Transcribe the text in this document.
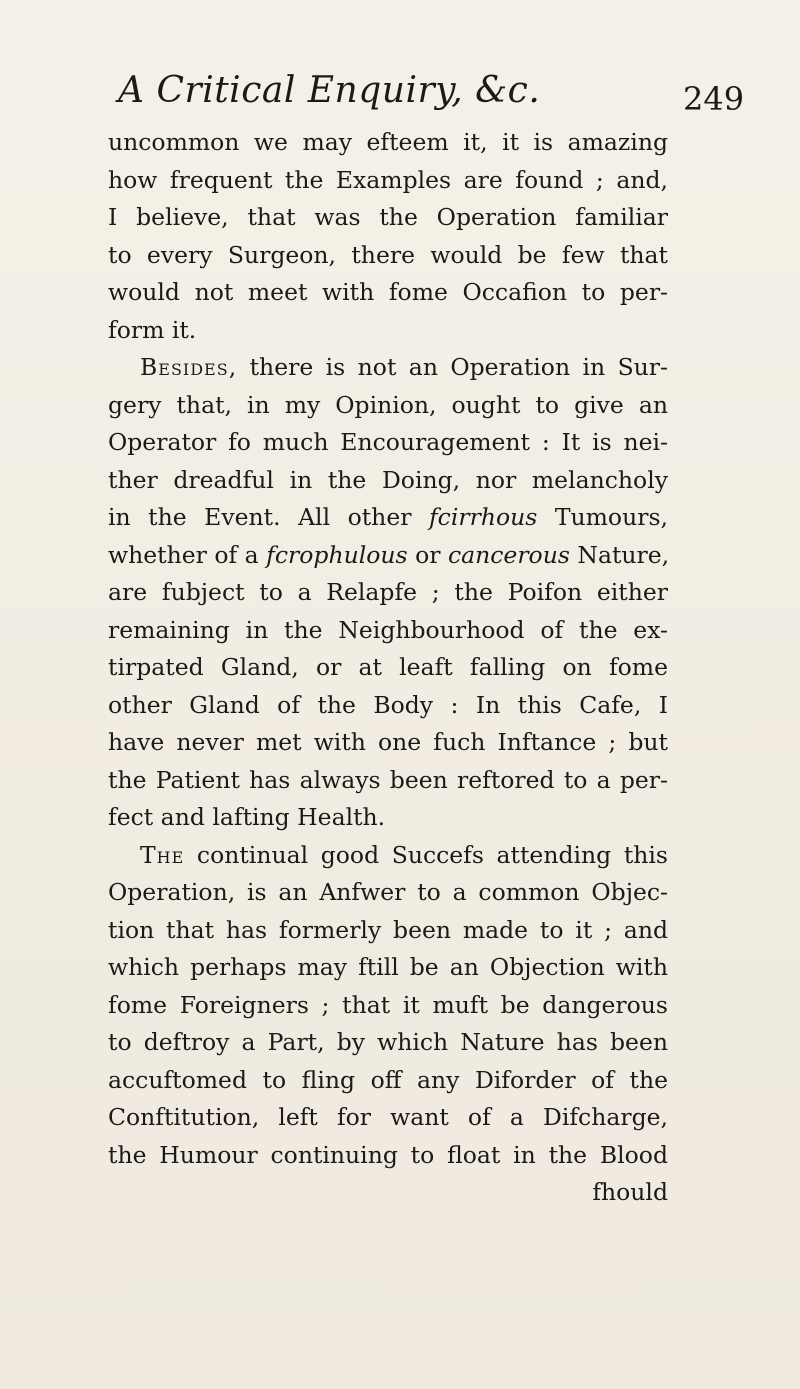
A Critical Enquiry, &c.	249
uncommon we may efteem it, it is amazing
how frequent the Examples are found ; and,
I believe, that was the Operation familiar
to every Surgeon, there would be few that
would not meet with fome Occafion to per-
form it.
Besides, there is not an Operation in Sur-
gery that, in my Opinion, ought to give an
Operator fo much Encouragement : It is nei-
ther dreadful in the Doing, nor melancholy
in the Event. All other fcirrhous Tumours,
whether of a fcrophulous or cancerous Nature,
are fubject to a Relapfe ; the Poifon either
remaining in the Neighbourhood of the ex-
tirpated Gland, or at leaft falling on fome
other Gland of the Body : In this Cafe, I
have never met with one fuch Inftance ; but
the Patient has always been reftored to a per-
fect and lafting Health.
The continual good Succefs attending this
Operation, is an Anfwer to a common Objec-
tion that has formerly been made to it ; and
which perhaps may ftill be an Objection with
fome Foreigners ; that it muft be dangerous
to deftroy a Part, by which Nature has been
accuftomed to fling off any Diforder of the
Conftitution, left for want of a Difcharge,
the Humour continuing to float in the Blood
fhould
